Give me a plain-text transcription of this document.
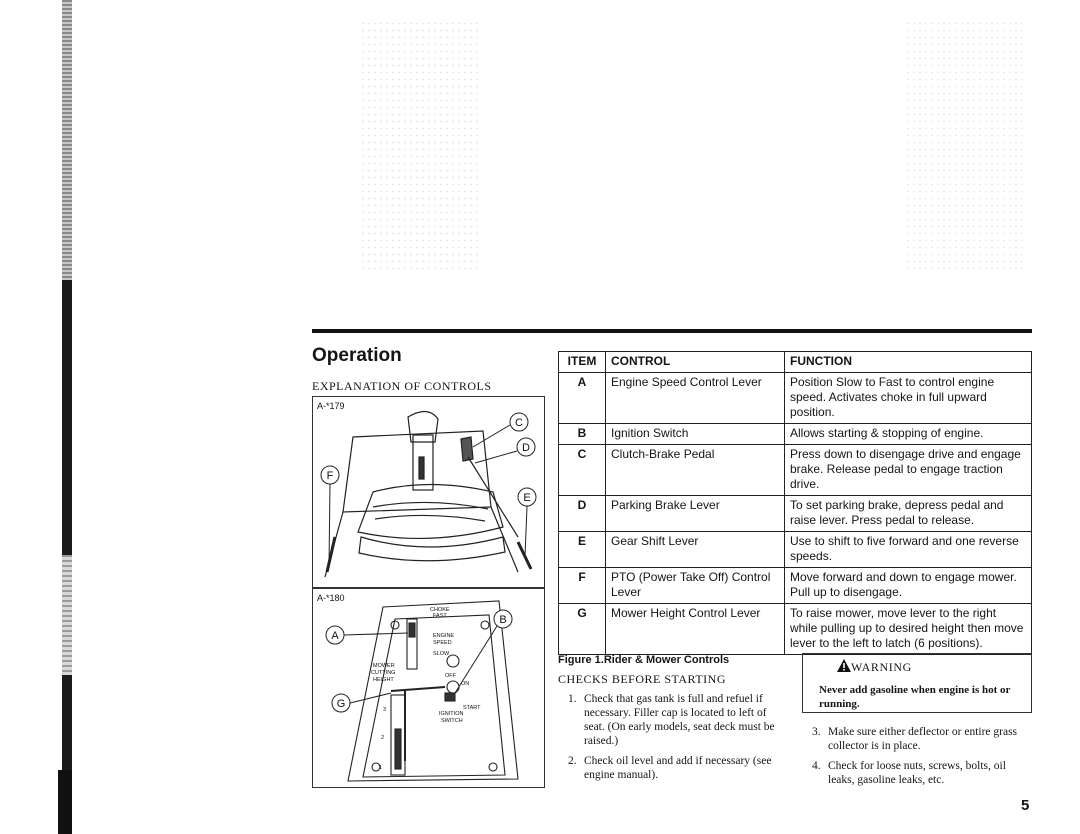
Operation
EXPLANATION OF CONTROLS
A-*179
C
D
F
E
A-*180
CHOKE
FAST
ENGINE
SPEED
SLOW
MOWER
CUTTING
HEIGHT
OFF
ON
START
IGNITION
SWITCH
3
2
1
A
B
G
ITEM	CONTROL	FUNCTION
A	Engine Speed Control Lever	Position Slow to Fast to control engine speed. Activates choke in full upward position.
B	Ignition Switch	Allows starting & stopping of engine.
C	Clutch-Brake Pedal	Press down to disengage drive and engage brake. Release pedal to engage traction drive.
D	Parking Brake Lever	To set parking brake, depress pedal and raise lever. Press pedal to release.
E	Gear Shift Lever	Use to shift to five forward and one reverse speeds.
F	PTO (Power Take Off) Control Lever	Move forward and down to engage mower. Pull up to disengage.
G	Mower Height Control Lever	To raise mower, move lever to the right while pulling up to desired height then move lever to the left to latch (6 positions).
Figure 1.Rider & Mower Controls
CHECKS BEFORE STARTING
1. Check that gas tank is full and refuel if necessary. Filler cap is located to left of seat. (On early models, seat deck must be raised.)
2. Check oil level and add if necessary (see engine manual).
WARNING
Never add gasoline when engine is hot or running.
3. Make sure either deflector or entire grass collector is in place.
4. Check for loose nuts, screws, bolts, oil leaks, gasoline leaks, etc.
5
